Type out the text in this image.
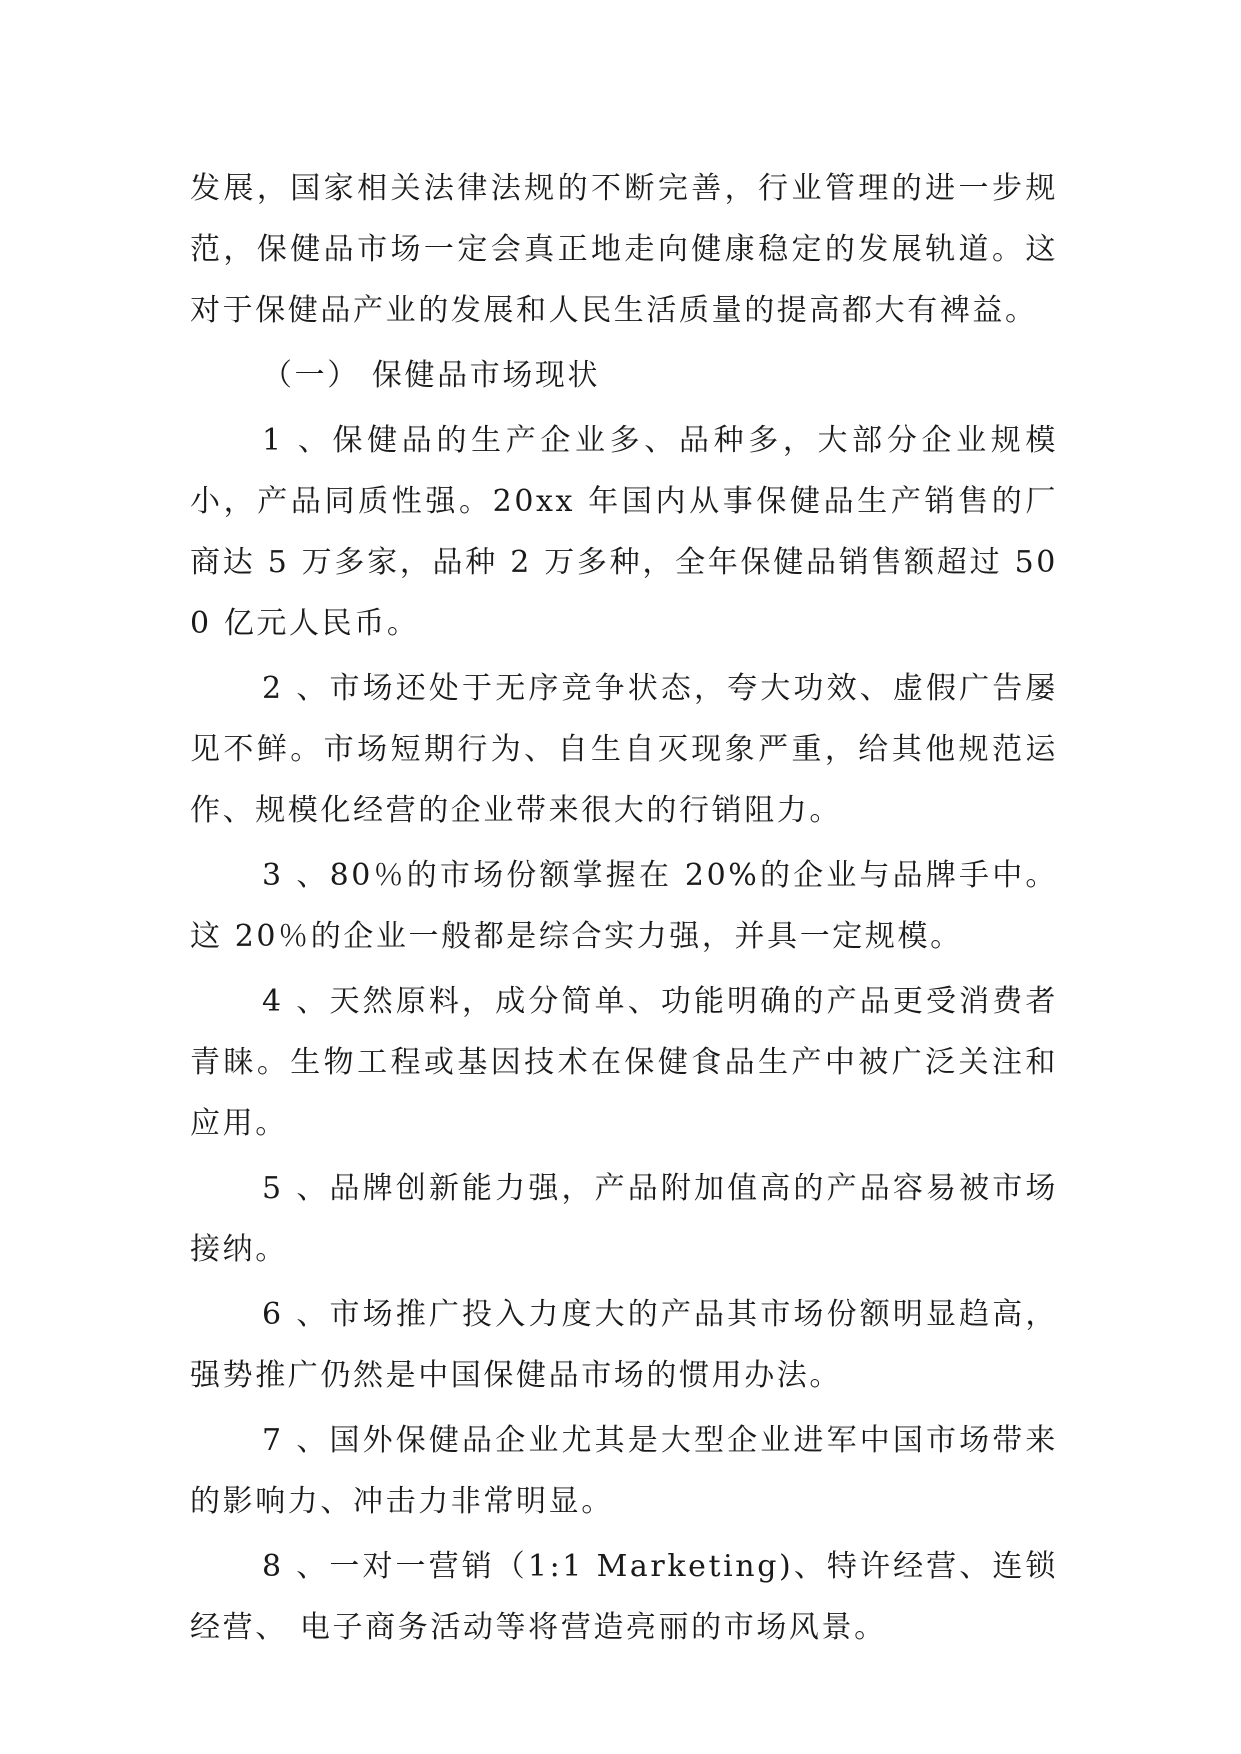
发展，国家相关法律法规的不断完善，行业管理的进一步规范，保健品市场一定会真正地走向健康稳定的发展轨道。这对于保健品产业的发展和人民生活质量的提高都大有裨益。

（一） 保健品市场现状

1 、保健品的生产企业多、品种多，大部分企业规模小，产品同质性强。20xx 年国内从事保健品生产销售的厂商达 5 万多家，品种 2 万多种，全年保健品销售额超过 500 亿元人民币。

2 、市场还处于无序竞争状态，夸大功效、虚假广告屡见不鲜。市场短期行为、自生自灭现象严重，给其他规范运作、规模化经营的企业带来很大的行销阻力。

3 、80％的市场份额掌握在 20%的企业与品牌手中。这 20％的企业一般都是综合实力强，并具一定规模。

4 、天然原料，成分简单、功能明确的产品更受消费者青睐。生物工程或基因技术在保健食品生产中被广泛关注和应用。

5 、品牌创新能力强，产品附加值高的产品容易被市场接纳。

6 、市场推广投入力度大的产品其市场份额明显趋高，强势推广仍然是中国保健品市场的惯用办法。

7 、国外保健品企业尤其是大型企业进军中国市场带来的影响力、冲击力非常明显。

8 、一对一营销（1:1 Marketing)、特许经营、连锁经营、 电子商务活动等将营造亮丽的市场风景。
